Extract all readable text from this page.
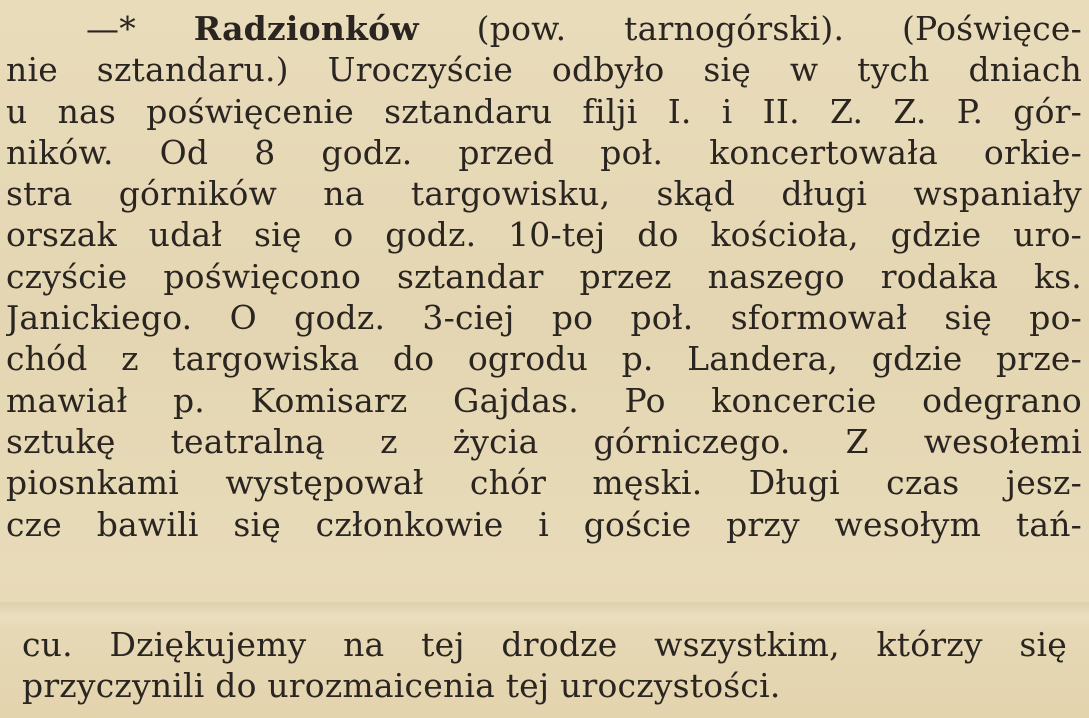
—* Radzionków (pow. tarnogórski). (Poświęce-
nie sztandaru.) Uroczyście odbyło się w tych dniach
u nas poświęcenie sztandaru filji I. i II. Z. Z. P. gór-
ników. Od 8 godz. przed poł. koncertowała orkie-
stra górników na targowisku, skąd długi wspaniały
orszak udał się o godz. 10-tej do kościoła, gdzie uro-
czyście poświęcono sztandar przez naszego rodaka ks.
Janickiego. O godz. 3-ciej po poł. sformował się po-
chód z targowiska do ogrodu p. Landera, gdzie prze-
mawiał p. Komisarz Gajdas. Po koncercie odegrano
sztukę teatralną z życia górniczego. Z wesołemi
piosnkami występował chór męski. Długi czas jesz-
cze bawili się członkowie i goście przy wesołym tań-
cu. Dziękujemy na tej drodze wszystkim, którzy się
przyczynili do urozmaicenia tej uroczystości.
